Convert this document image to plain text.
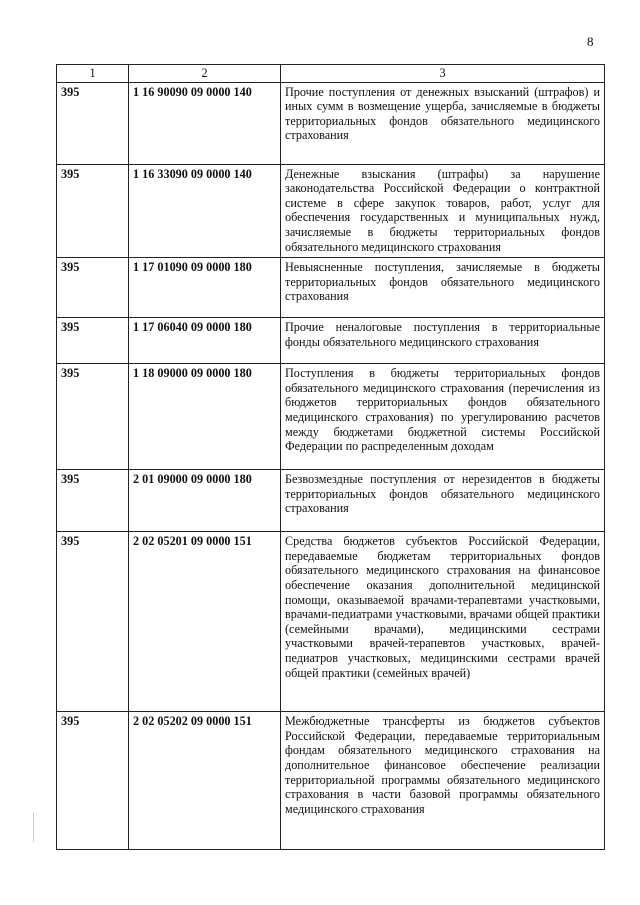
8
1	2	3
395	1 16 90090 09 0000 140	Прочие поступления от денежных взысканий (штрафов) и иных сумм в возмещение ущерба, зачисляемые в бюджеты территориальных фондов обязательного медицинского страхования
395	1 16 33090 09 0000 140	Денежные взыскания (штрафы) за нарушение законодательства Российской Федерации о контрактной системе в сфере закупок товаров, работ, услуг для обеспечения государственных и муниципальных нужд, зачисляемые в бюджеты территориальных фондов обязательного медицинского страхования
395	1 17 01090 09 0000 180	Невыясненные поступления, зачисляемые в бюджеты территориальных фондов обязательного медицинского страхования
395	1 17 06040 09 0000 180	Прочие неналоговые поступления в территориальные фонды обязательного медицинского страхования
395	1 18 09000 09 0000 180	Поступления в бюджеты территориальных фондов обязательного медицинского страхования (перечисления из бюджетов территориальных фондов обязательного медицинского страхования) по урегулированию расчетов между бюджетами бюджетной системы Российской Федерации по распределенным доходам
395	2 01 09000 09 0000 180	Безвозмездные поступления от нерезидентов в бюджеты территориальных фондов обязательного медицинского страхования
395	2 02 05201 09 0000 151	Средства бюджетов субъектов Российской Федерации, передаваемые бюджетам территориальных фондов обязательного медицинского страхования на финансовое обеспечение оказания дополнительной медицинской помощи, оказываемой врачами-терапевтами участковыми, врачами-педиатрами участковыми, врачами общей практики (семейными врачами), медицинскими сестрами участковыми врачей-терапевтов участковых, врачей-педиатров участковых, медицинскими сестрами врачей общей практики (семейных врачей)
395	2 02 05202 09 0000 151	Межбюджетные трансферты из бюджетов субъектов Российской Федерации, передаваемые территориальным фондам обязательного медицинского страхования на дополнительное финансовое обеспечение реализации территориальной программы обязательного медицинского страхования в части базовой программы обязательного медицинского страхования
